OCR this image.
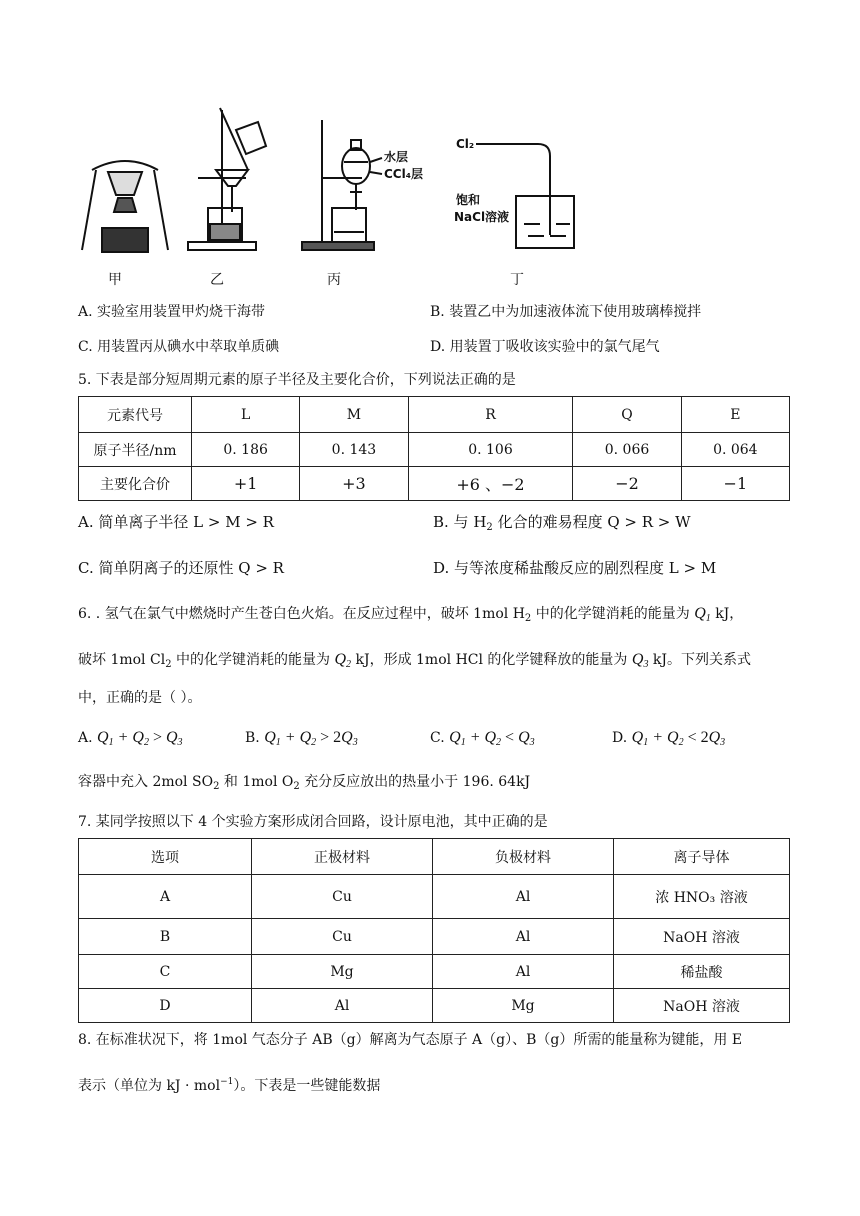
水层
CCl₄层
Cl₂
饱和
NaCl溶液
甲	乙	丙	丁
A. 实验室用装置甲灼烧干海带	B. 装置乙中为加速液体流下使用玻璃棒搅拌
C. 用装置丙从碘水中萃取单质碘	D. 用装置丁吸收该实验中的氯气尾气
5. 下表是部分短周期元素的原子半径及主要化合价，下列说法正确的是
元素代号	L	M	R	Q	E
原子半径/nm	0. 186	0. 143	0. 106	0. 066	0. 064
主要化合价	+1	+3	+6 、−2	−2	−1
A. 简单离子半径 L > M > R	B. 与 $H_2$ 化合的难易程度 Q > R > W
C. 简单阴离子的还原性 Q > R	D. 与等浓度稀盐酸反应的剧烈程度 L > M
6. . 氢气在氯气中燃烧时产生苍白色火焰。在反应过程中，破坏 1mol $H_2$ 中的化学键消耗的能量为 $Q_1$ kJ，
破坏 1mol $Cl_2$ 中的化学键消耗的能量为 $Q_2$ kJ，形成 1mol HCl 的化学键释放的能量为 $Q_3$ kJ。下列关系式
中，正确的是（ ）。
A. $Q_1 + Q_2 > Q_3$	B. $Q_1 + Q_2 > 2Q_3$	C. $Q_1 + Q_2 < Q_3$	D. $Q_1 + Q_2 < 2Q_3$
容器中充入 2mol $SO_2$ 和 1mol $O_2$ 充分反应放出的热量小于 196. 64kJ
7. 某同学按照以下 4 个实验方案形成闭合回路，设计原电池，其中正确的是
选项	正极材料	负极材料	离子导体
A	Cu	Al	浓 HNO₃ 溶液
B	Cu	Al	NaOH 溶液
C	Mg	Al	稀盐酸
D	Al	Mg	NaOH 溶液
8. 在标准状况下，将 1mol 气态分子 AB（g）解离为气态原子 A（g）、B（g）所需的能量称为键能，用 E
表示（单位为 kJ · mol$^{-1}$）。下表是一些键能数据
